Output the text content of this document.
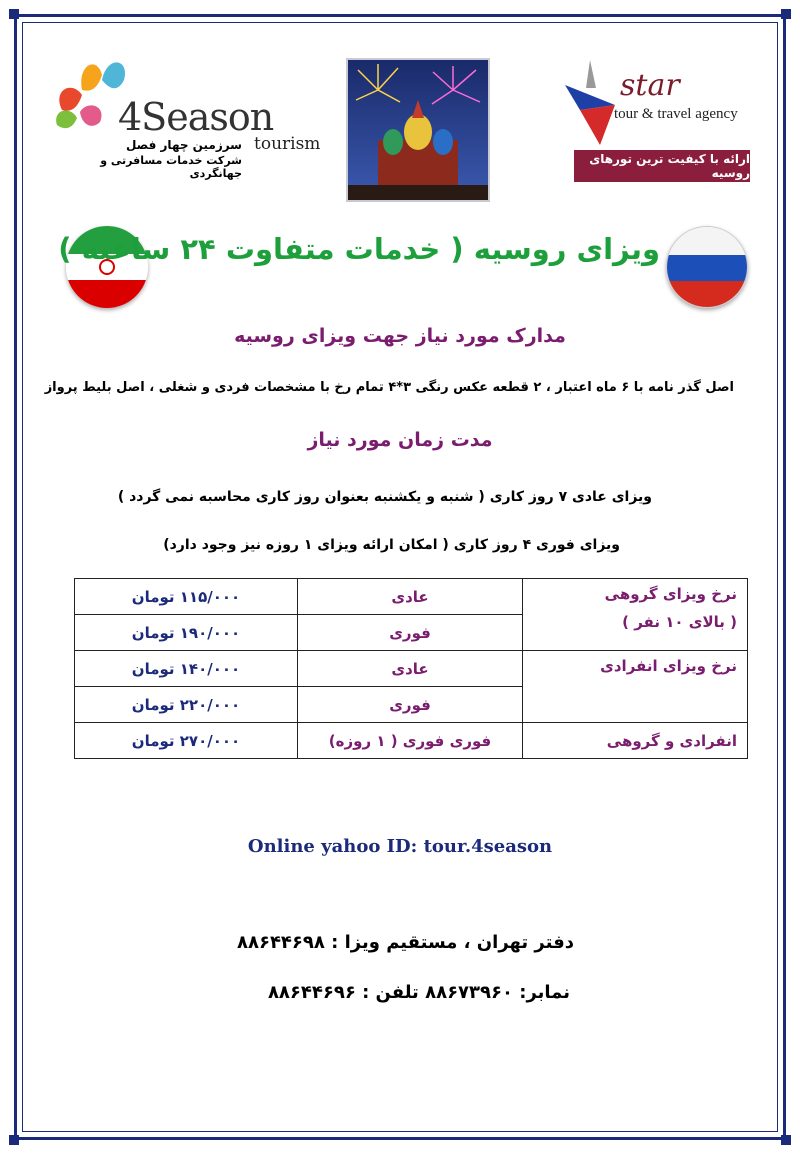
4Season
tourism
سرزمین چهار فصل
شرکت خدمات مسافرتی و جهانگردی
star
tour & travel agency
ارائه با کیفیت ترین تورهای روسیه
ویزای روسیه ( خدمات متفاوت ۲۴ ساعته )
مدارک مورد نیاز جهت ویزای روسیه
اصل گذر نامه با ۶ ماه اعتبار ، ۲ قطعه عکس رنگی ۳*۴ تمام رخ با مشخصات فردی و شغلی ، اصل بلیط پرواز
مدت زمان مورد نیاز
ویزای عادی ۷ روز کاری ( شنبه و یکشنبه بعنوان روز کاری محاسبه نمی گردد )
ویزای فوری ۴ روز کاری ( امکان ارائه ویزای ۱ روزه نیز وجود دارد)
نرخ ویزای گروهی
( بالای ۱۰ نفر )	عادی	۱۱۵/۰۰۰ تومان
	فوری	۱۹۰/۰۰۰ تومان
نرخ ویزای انفرادی	عادی	۱۴۰/۰۰۰ تومان
	فوری	۲۲۰/۰۰۰ تومان
انفرادی و گروهی	فوری فوری ( ۱ روزه)	۲۷۰/۰۰۰ تومان
Online yahoo ID: tour.4season
دفتر تهران ، مستقیم ویزا : ۸۸۶۴۴۶۹۸
نمابر: ۸۸۶۷۳۹۶۰ تلفن : ۸۸۶۴۴۶۹۶
